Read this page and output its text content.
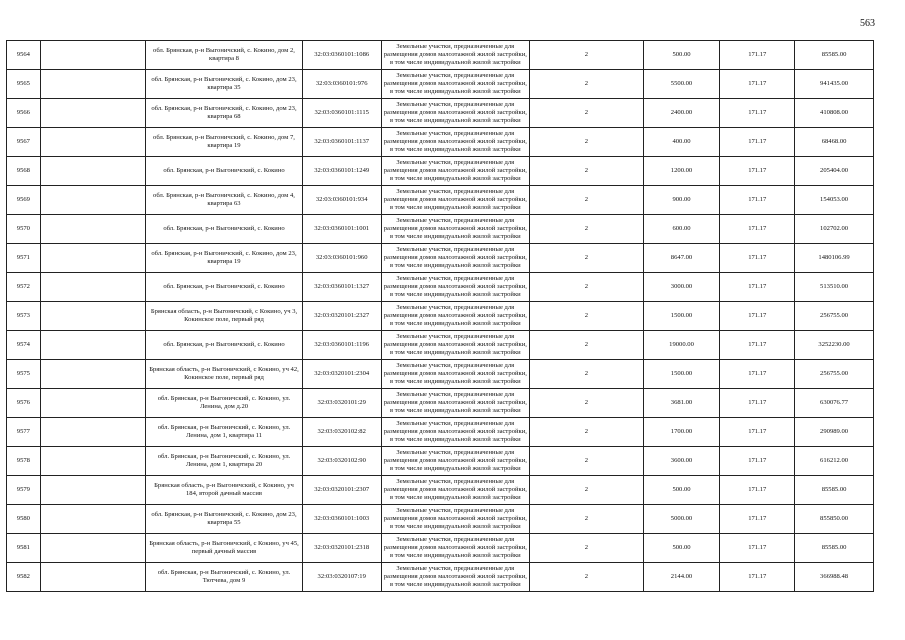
563
9564		обл. Брянская, р-н Выгоничский, с. Кокино, дом 2, квартира 8	32:03:0360101:1086	Земельные участки, предназначенные для размещения домов малоэтажной жилой застройки, в том числе индивидуальной жилой застройки	2	500.00	171.17	85585.00
9565		обл. Брянская, р-н Выгоничский, с. Кокино, дом 23, квартира 35	32:03:0360101:976	Земельные участки, предназначенные для размещения домов малоэтажной жилой застройки, в том числе индивидуальной жилой застройки	2	5500.00	171.17	941435.00
9566		обл. Брянская, р-н Выгоничский, с. Кокино, дом 23, квартира 68	32:03:0360101:1115	Земельные участки, предназначенные для размещения домов малоэтажной жилой застройки, в том числе индивидуальной жилой застройки	2	2400.00	171.17	410808.00
9567		обл. Брянская, р-н Выгоничский, с. Кокино, дом 7, квартира 19	32:03:0360101:1137	Земельные участки, предназначенные для размещения домов малоэтажной жилой застройки, в том числе индивидуальной жилой застройки	2	400.00	171.17	68468.00
9568		обл. Брянская, р-н Выгоничский, с. Кокино	32:03:0360101:1249	Земельные участки, предназначенные для размещения домов малоэтажной жилой застройки, в том числе индивидуальной жилой застройки	2	1200.00	171.17	205404.00
9569		обл. Брянская, р-н Выгоничский, с. Кокино, дом 4, квартира 63	32:03:0360101:934	Земельные участки, предназначенные для размещения домов малоэтажной жилой застройки, в том числе индивидуальной жилой застройки	2	900.00	171.17	154053.00
9570		обл. Брянская, р-н Выгоничский, с. Кокино	32:03:0360101:1001	Земельные участки, предназначенные для размещения домов малоэтажной жилой застройки, в том числе индивидуальной жилой застройки	2	600.00	171.17	102702.00
9571		обл. Брянская, р-н Выгоничский, с. Кокино, дом 23, квартира 19	32:03:0360101:960	Земельные участки, предназначенные для размещения домов малоэтажной жилой застройки, в том числе индивидуальной жилой застройки	2	8647.00	171.17	1480106.99
9572		обл. Брянская, р-н Выгоничский, с. Кокино	32:03:0360101:1327	Земельные участки, предназначенные для размещения домов малоэтажной жилой застройки, в том числе индивидуальной жилой застройки	2	3000.00	171.17	513510.00
9573		Брянская область, р-н Выгоничский, с Кокино, уч 3, Кокинское поле, первый ряд	32:03:0320101:2327	Земельные участки, предназначенные для размещения домов малоэтажной жилой застройки, в том числе индивидуальной жилой застройки	2	1500.00	171.17	256755.00
9574		обл. Брянская, р-н Выгоничский, с. Кокино	32:03:0360101:1196	Земельные участки, предназначенные для размещения домов малоэтажной жилой застройки, в том числе индивидуальной жилой застройки	2	19000.00	171.17	3252230.00
9575		Брянская область, р-н Выгоничский, с Кокино, уч 42, Кокинское поле, первый ряд	32:03:0320101:2304	Земельные участки, предназначенные для размещения домов малоэтажной жилой застройки, в том числе индивидуальной жилой застройки	2	1500.00	171.17	256755.00
9576		обл. Брянская, р-н Выгоничский, с. Кокино, ул. Ленина, дом д.20	32:03:0320101:29	Земельные участки, предназначенные для размещения домов малоэтажной жилой застройки, в том числе индивидуальной жилой застройки	2	3681.00	171.17	630076.77
9577		обл. Брянская, р-н Выгоничский, с. Кокино, ул. Ленина, дом 1, квартира 11	32:03:0320102:82	Земельные участки, предназначенные для размещения домов малоэтажной жилой застройки, в том числе индивидуальной жилой застройки	2	1700.00	171.17	290989.00
9578		обл. Брянская, р-н Выгоничский, с. Кокино, ул. Ленина, дом 1, квартира 20	32:03:0320102:90	Земельные участки, предназначенные для размещения домов малоэтажной жилой застройки, в том числе индивидуальной жилой застройки	2	3600.00	171.17	616212.00
9579		Брянская область, р-н Выгоничский, с Кокино, уч 184, второй дачный массив	32:03:0320101:2307	Земельные участки, предназначенные для размещения домов малоэтажной жилой застройки, в том числе индивидуальной жилой застройки	2	500.00	171.17	85585.00
9580		обл. Брянская, р-н Выгоничский, с. Кокино, дом 23, квартира 55	32:03:0360101:1003	Земельные участки, предназначенные для размещения домов малоэтажной жилой застройки, в том числе индивидуальной жилой застройки	2	5000.00	171.17	855850.00
9581		Брянская область, р-н Выгоничский, с Кокино, уч 45, первый дачный массив	32:03:0320101:2318	Земельные участки, предназначенные для размещения домов малоэтажной жилой застройки, в том числе индивидуальной жилой застройки	2	500.00	171.17	85585.00
9582		обл. Брянская, р-н Выгоничский, с. Кокино, ул. Тютчева, дом 9	32:03:0320107:19	Земельные участки, предназначенные для размещения домов малоэтажной жилой застройки, в том числе индивидуальной жилой застройки	2	2144.00	171.17	366988.48
